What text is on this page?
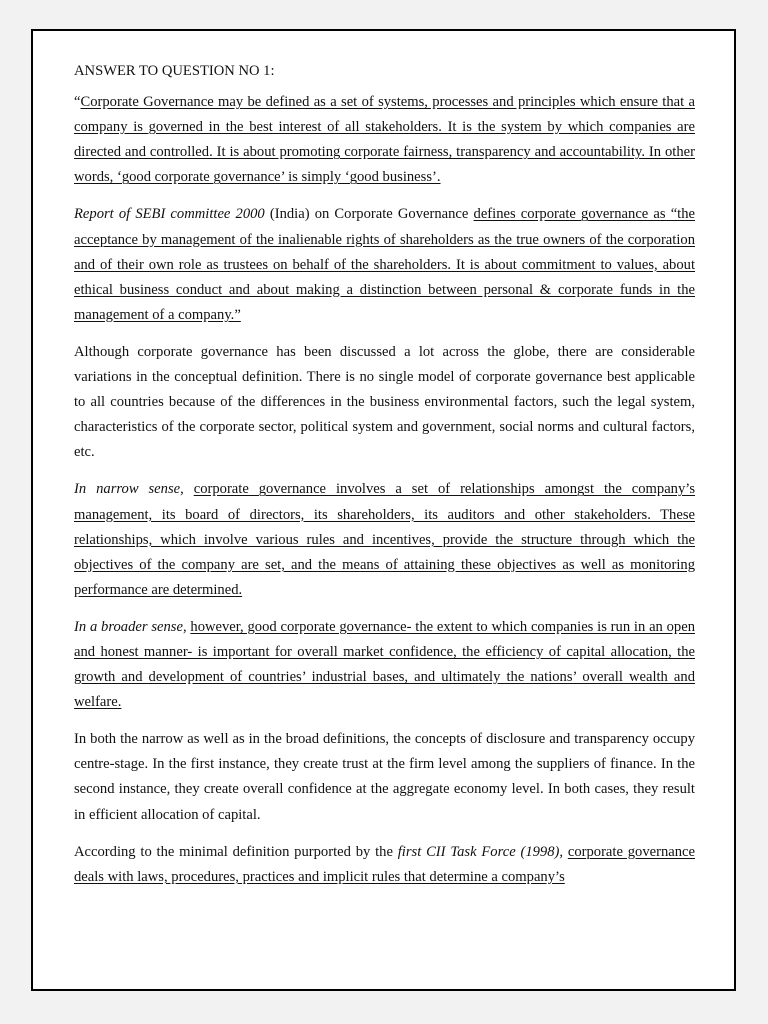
ANSWER TO QUESTION NO 1:

“Corporate Governance may be defined as a set of systems, processes and principles which ensure that a company is governed in the best interest of all stakeholders. It is the system by which companies are directed and controlled. It is about promoting corporate fairness, transparency and accountability. In other words, ‘good corporate governance’ is simply ‘good business’.

Report of SEBI committee 2000 (India) on Corporate Governance defines corporate governance as “the acceptance by management of the inalienable rights of shareholders as the true owners of the corporation and of their own role as trustees on behalf of the shareholders. It is about commitment to values, about ethical business conduct and about making a distinction between personal & corporate funds in the management of a company.”

Although corporate governance has been discussed a lot across the globe, there are considerable variations in the conceptual definition. There is no single model of corporate governance best applicable to all countries because of the differences in the business environmental factors, such the legal system, characteristics of the corporate sector, political system and government, social norms and cultural factors, etc.

In narrow sense, corporate governance involves a set of relationships amongst the company’s management, its board of directors, its shareholders, its auditors and other stakeholders. These relationships, which involve various rules and incentives, provide the structure through which the objectives of the company are set, and the means of attaining these objectives as well as monitoring performance are determined.

In a broader sense, however, good corporate governance- the extent to which companies is run in an open and honest manner- is important for overall market confidence, the efficiency of capital allocation, the growth and development of countries’ industrial bases, and ultimately the nations’ overall wealth and welfare.

In both the narrow as well as in the broad definitions, the concepts of disclosure and transparency occupy centre-stage. In the first instance, they create trust at the firm level among the suppliers of finance. In the second instance, they create overall confidence at the aggregate economy level. In both cases, they result in efficient allocation of capital.

According to the minimal definition purported by the first CII Task Force (1998), corporate governance deals with laws, procedures, practices and implicit rules that determine a company’s
